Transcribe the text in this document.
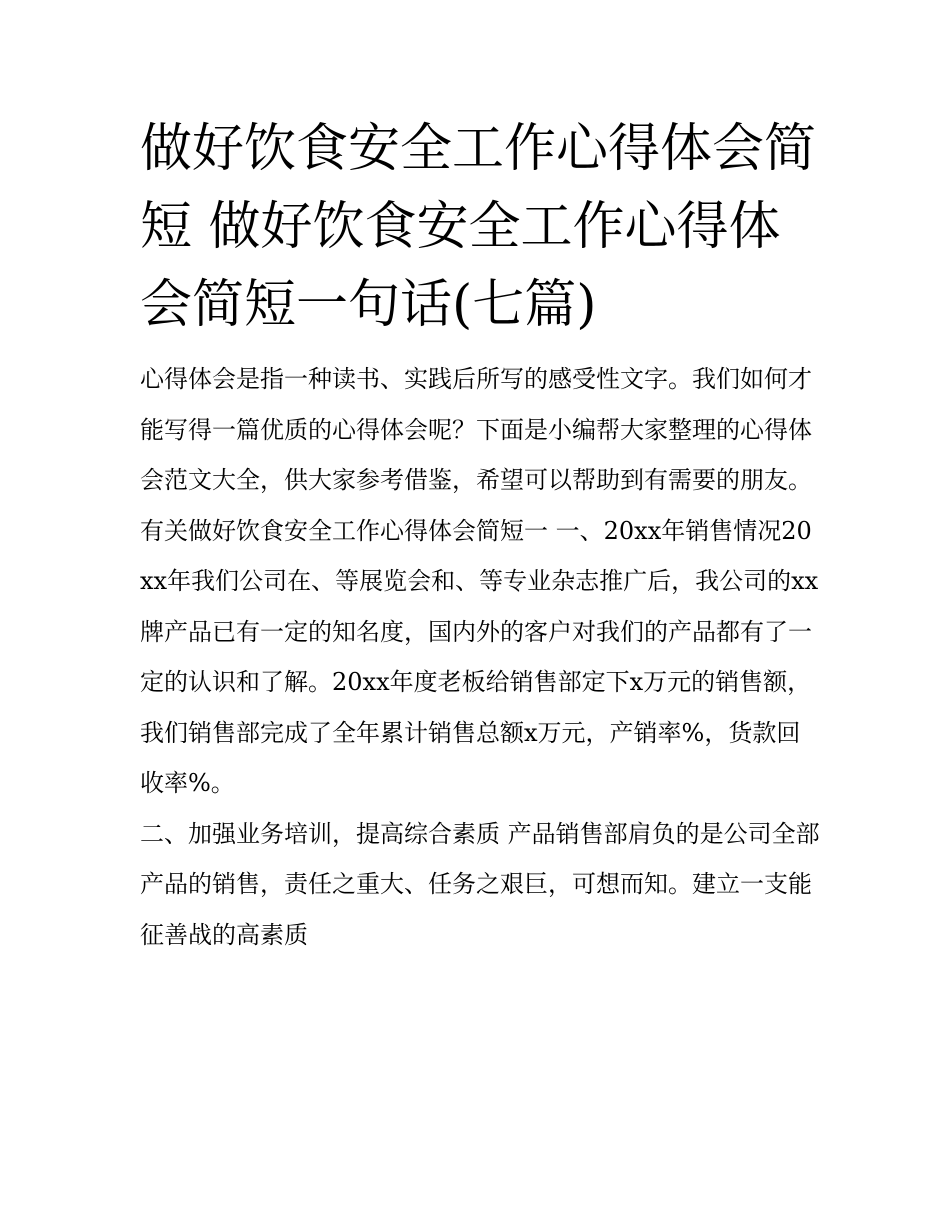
做好饮食安全工作心得体会简短 做好饮食安全工作心得体会简短一句话(七篇)

心得体会是指一种读书、实践后所写的感受性文字。我们如何才能写得一篇优质的心得体会呢？下面是小编帮大家整理的心得体会范文大全，供大家参考借鉴，希望可以帮助到有需要的朋友。

有关做好饮食安全工作心得体会简短一 一、20xx年销售情况20xx年我们公司在、等展览会和、等专业杂志推广后，我公司的xx牌产品已有一定的知名度，国内外的客户对我们的产品都有了一定的认识和了解。20xx年度老板给销售部定下x万元的销售额，我们销售部完成了全年累计销售总额x万元，产销率%，货款回收率%。

二、加强业务培训，提高综合素质 产品销售部肩负的是公司全部产品的销售，责任之重大、任务之艰巨，可想而知。建立一支能征善战的高素质
